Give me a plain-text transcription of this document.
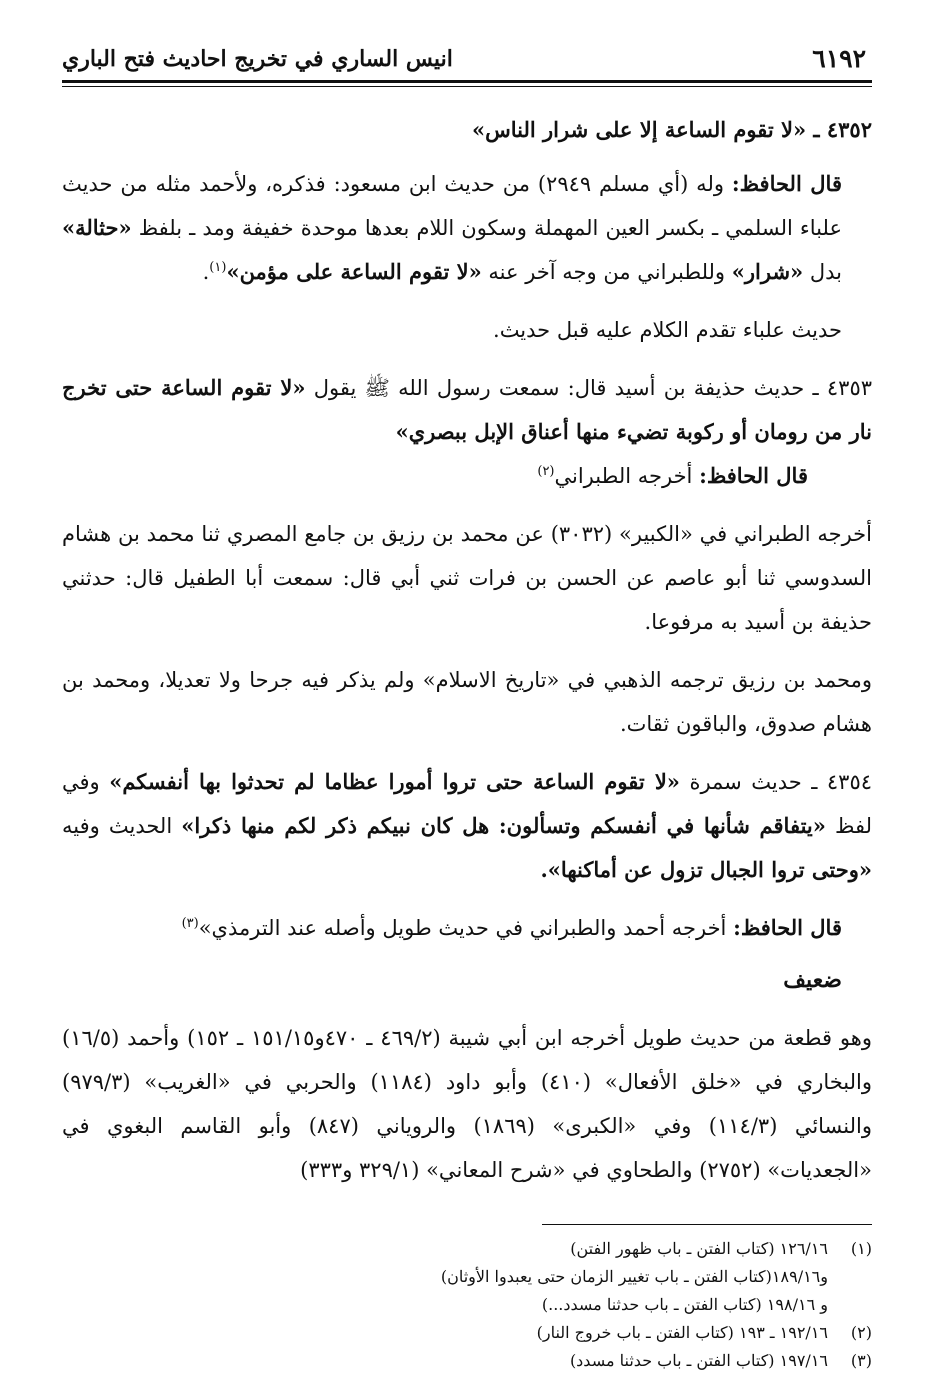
٦١٩٢
انيس الساري في تخريج احاديث فتح الباري

٤٣٥٢ ـ «لا تقوم الساعة إلا على شرار الناس»

قال الحافظ: وله (أي مسلم ٢٩٤٩) من حديث ابن مسعود: فذكره، ولأحمد مثله من حديث علباء السلمي ـ بكسر العين المهملة وسكون اللام بعدها موحدة خفيفة ومد ـ بلفظ «حثالة» بدل «شرار» وللطبراني من وجه آخر عنه «لا تقوم الساعة على مؤمن»$^{(١)}$.

حديث علباء تقدم الكلام عليه قبل حديث.

٤٣٥٣ ـ حديث حذيفة بن أسيد قال: سمعت رسول الله ﷺ يقول «لا تقوم الساعة حتى تخرج نار من رومان أو ركوبة تضيء منها أعناق الإبل ببصري»

قال الحافظ: أخرجه الطبراني$^{(٢)}$

أخرجه الطبراني في «الكبير» (٣٠٣٢) عن محمد بن رزيق بن جامع المصري ثنا محمد بن هشام السدوسي ثنا أبو عاصم عن الحسن بن فرات ثني أبي قال: سمعت أبا الطفيل قال: حدثني حذيفة بن أسيد به مرفوعا.

ومحمد بن رزيق ترجمه الذهبي في «تاريخ الاسلام» ولم يذكر فيه جرحا ولا تعديلا، ومحمد بن هشام صدوق، والباقون ثقات.

٤٣٥٤ ـ حديث سمرة «لا تقوم الساعة حتى تروا أمورا عظاما لم تحدثوا بها أنفسكم» وفي لفظ «يتفاقم شأنها في أنفسكم وتسألون: هل كان نبيكم ذكر لكم منها ذكرا» الحديث وفيه «وحتى تروا الجبال تزول عن أماكنها».

قال الحافظ: أخرجه أحمد والطبراني في حديث طويل وأصله عند الترمذي»$^{(٣)}$

ضعيف

وهو قطعة من حديث طويل أخرجه ابن أبي شيبة (٤٦٩/٢ ـ ٤٧٠و١٥١/١٥ ـ ١٥٢) وأحمد (١٦/٥) والبخاري في «خلق الأفعال» (٤١٠) وأبو داود (١١٨٤) والحربي في «الغريب» (٩٧٩/٣) والنسائي (١١٤/٣) وفي «الكبرى» (١٨٦٩) والروياني (٨٤٧) وأبو القاسم البغوي في «الجعديات» (٢٧٥٢) والطحاوي في «شرح المعاني» (٣٢٩/١ و٣٣٣)

(١)١٢٦/١٦ (كتاب الفتن ـ باب ظهور الفتن)
و١٨٩/١٦(كتاب الفتن ـ باب تغيير الزمان حتى يعبدوا الأوثان)
و ١٩٨/١٦ (كتاب الفتن ـ باب حدثنا مسدد...)
(٢)١٩٢/١٦ ـ ١٩٣ (كتاب الفتن ـ باب خروج النار)
(٣)١٩٧/١٦ (كتاب الفتن ـ باب حدثنا مسدد)
